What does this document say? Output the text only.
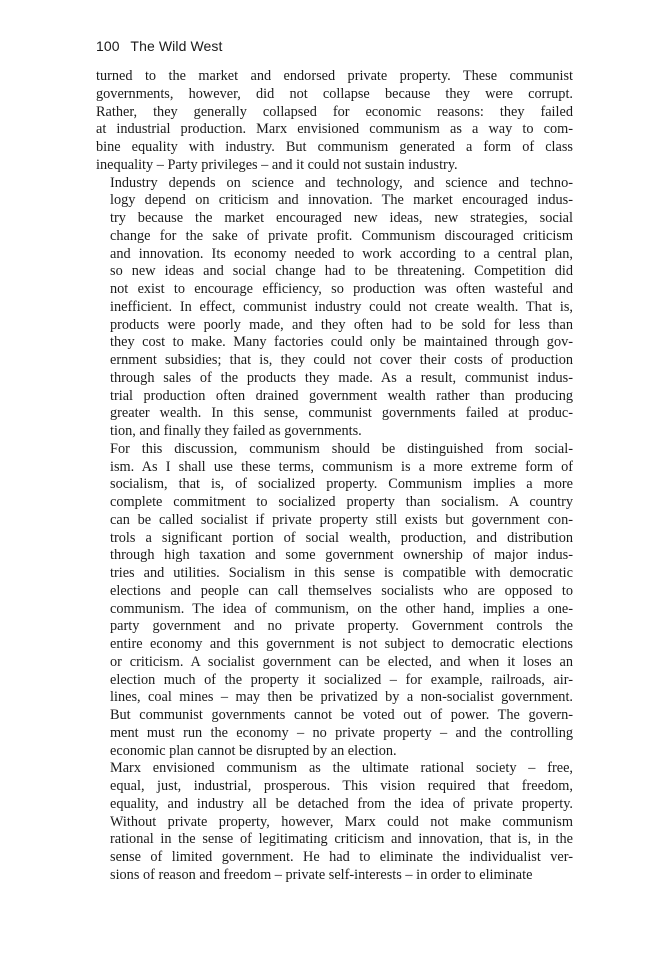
100 The Wild West

turned to the market and endorsed private property. These communist
governments, however, did not collapse because they were corrupt.
Rather, they generally collapsed for economic reasons: they failed
at industrial production. Marx envisioned communism as a way to com-
bine equality with industry. But communism generated a form of class
inequality – Party privileges – and it could not sustain industry.

Industry depends on science and technology, and science and techno-
logy depend on criticism and innovation. The market encouraged indus-
try because the market encouraged new ideas, new strategies, social
change for the sake of private profit. Communism discouraged criticism
and innovation. Its economy needed to work according to a central plan,
so new ideas and social change had to be threatening. Competition did
not exist to encourage efficiency, so production was often wasteful and
inefficient. In effect, communist industry could not create wealth. That is,
products were poorly made, and they often had to be sold for less than
they cost to make. Many factories could only be maintained through gov-
ernment subsidies; that is, they could not cover their costs of production
through sales of the products they made. As a result, communist indus-
trial production often drained government wealth rather than producing
greater wealth. In this sense, communist governments failed at produc-
tion, and finally they failed as governments.

For this discussion, communism should be distinguished from social-
ism. As I shall use these terms, communism is a more extreme form of
socialism, that is, of socialized property. Communism implies a more
complete commitment to socialized property than socialism. A country
can be called socialist if private property still exists but government con-
trols a significant portion of social wealth, production, and distribution
through high taxation and some government ownership of major indus-
tries and utilities. Socialism in this sense is compatible with democratic
elections and people can call themselves socialists who are opposed to
communism. The idea of communism, on the other hand, implies a one-
party government and no private property. Government controls the
entire economy and this government is not subject to democratic elections
or criticism. A socialist government can be elected, and when it loses an
election much of the property it socialized – for example, railroads, air-
lines, coal mines – may then be privatized by a non-socialist government.
But communist governments cannot be voted out of power. The govern-
ment must run the economy – no private property – and the controlling
economic plan cannot be disrupted by an election.

Marx envisioned communism as the ultimate rational society – free,
equal, just, industrial, prosperous. This vision required that freedom,
equality, and industry all be detached from the idea of private property.
Without private property, however, Marx could not make communism
rational in the sense of legitimating criticism and innovation, that is, in the
sense of limited government. He had to eliminate the individualist ver-
sions of reason and freedom – private self-interests – in order to eliminate
